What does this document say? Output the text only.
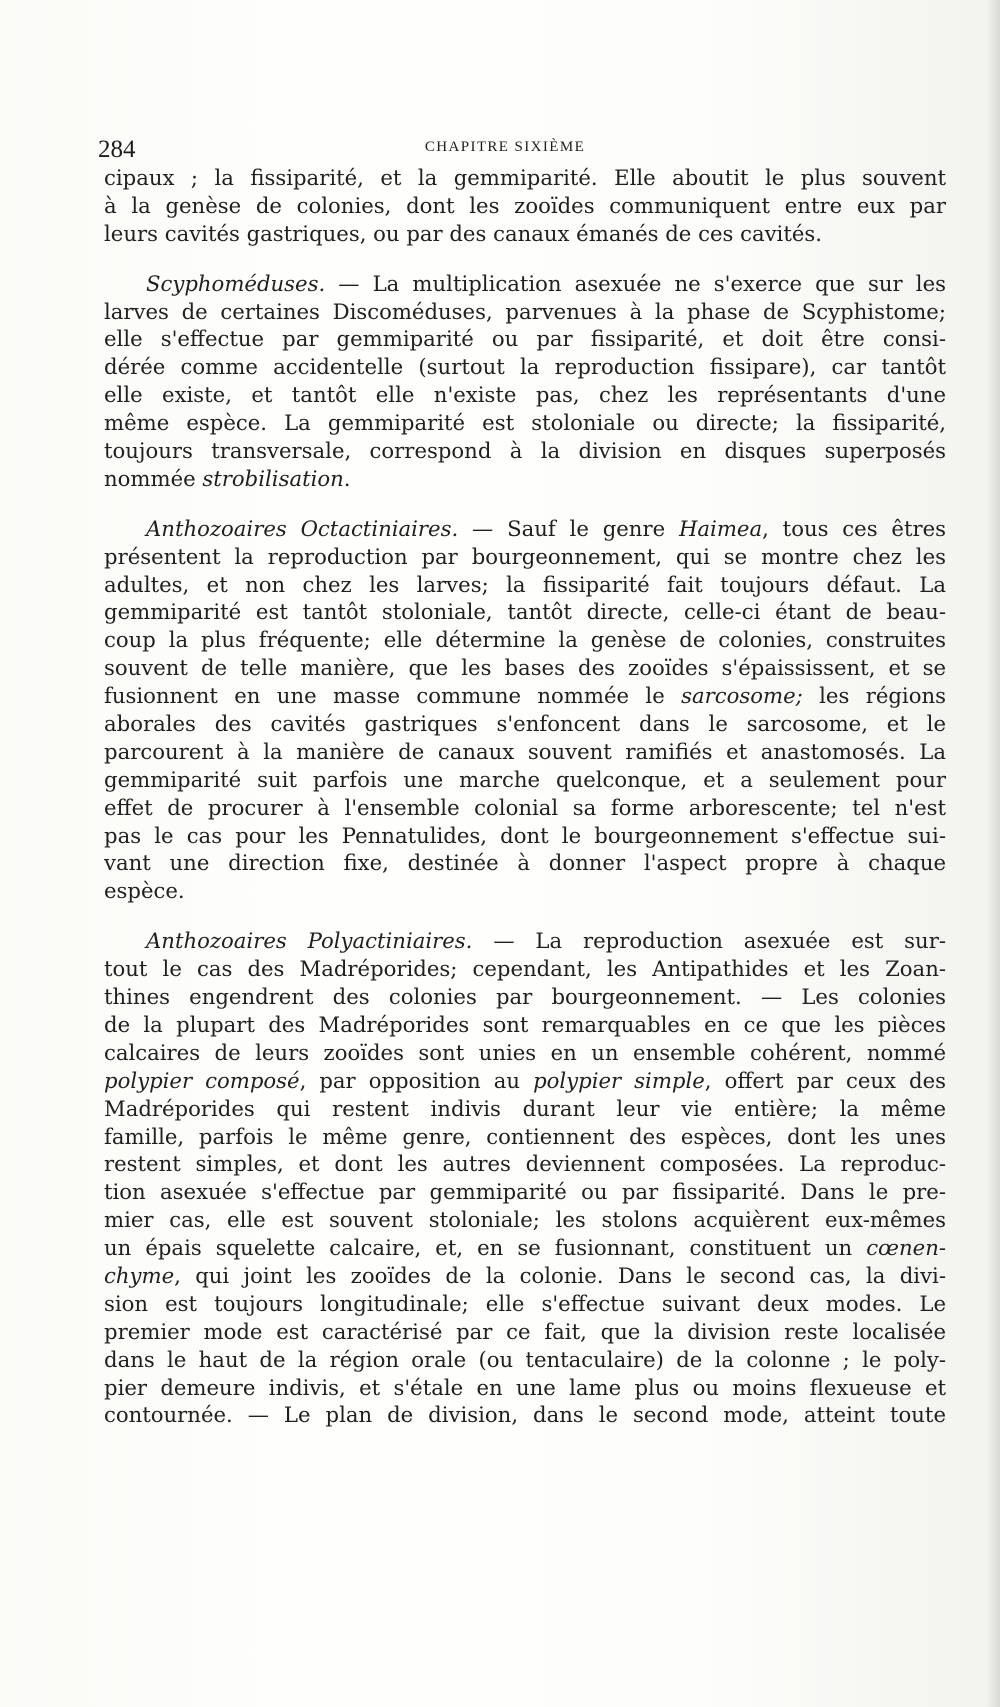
284	CHAPITRE SIXIÈME
cipaux ; la fissiparité, et la gemmiparité. Elle aboutit le plus souvent
à la genèse de colonies, dont les zooïdes communiquent entre eux par
leurs cavités gastriques, ou par des canaux émanés de ces cavités.
Scyphoméduses. — La multiplication asexuée ne s'exerce que sur les
larves de certaines Discoméduses, parvenues à la phase de Scyphistome;
elle s'effectue par gemmiparité ou par fissiparité, et doit être consi-
dérée comme accidentelle (surtout la reproduction fissipare), car tantôt
elle existe, et tantôt elle n'existe pas, chez les représentants d'une
même espèce. La gemmiparité est stoloniale ou directe; la fissiparité,
toujours transversale, correspond à la division en disques superposés
nommée strobilisation.
Anthozoaires Octactiniaires. — Sauf le genre Haimea, tous ces êtres
présentent la reproduction par bourgeonnement, qui se montre chez les
adultes, et non chez les larves; la fissiparité fait toujours défaut. La
gemmiparité est tantôt stoloniale, tantôt directe, celle-ci étant de beau-
coup la plus fréquente; elle détermine la genèse de colonies, construites
souvent de telle manière, que les bases des zooïdes s'épaississent, et se
fusionnent en une masse commune nommée le sarcosome; les régions
aborales des cavités gastriques s'enfoncent dans le sarcosome, et le
parcourent à la manière de canaux souvent ramifiés et anastomosés. La
gemmiparité suit parfois une marche quelconque, et a seulement pour
effet de procurer à l'ensemble colonial sa forme arborescente; tel n'est
pas le cas pour les Pennatulides, dont le bourgeonnement s'effectue sui-
vant une direction fixe, destinée à donner l'aspect propre à chaque
espèce.
Anthozoaires Polyactiniaires. — La reproduction asexuée est sur-
tout le cas des Madréporides; cependant, les Antipathides et les Zoan-
thines engendrent des colonies par bourgeonnement. — Les colonies
de la plupart des Madréporides sont remarquables en ce que les pièces
calcaires de leurs zooïdes sont unies en un ensemble cohérent, nommé
polypier composé, par opposition au polypier simple, offert par ceux des
Madréporides qui restent indivis durant leur vie entière; la même
famille, parfois le même genre, contiennent des espèces, dont les unes
restent simples, et dont les autres deviennent composées. La reproduc-
tion asexuée s'effectue par gemmiparité ou par fissiparité. Dans le pre-
mier cas, elle est souvent stoloniale; les stolons acquièrent eux-mêmes
un épais squelette calcaire, et, en se fusionnant, constituent un cœnen-
chyme, qui joint les zooïdes de la colonie. Dans le second cas, la divi-
sion est toujours longitudinale; elle s'effectue suivant deux modes. Le
premier mode est caractérisé par ce fait, que la division reste localisée
dans le haut de la région orale (ou tentaculaire) de la colonne ; le poly-
pier demeure indivis, et s'étale en une lame plus ou moins flexueuse et
contournée. — Le plan de division, dans le second mode, atteint toute
